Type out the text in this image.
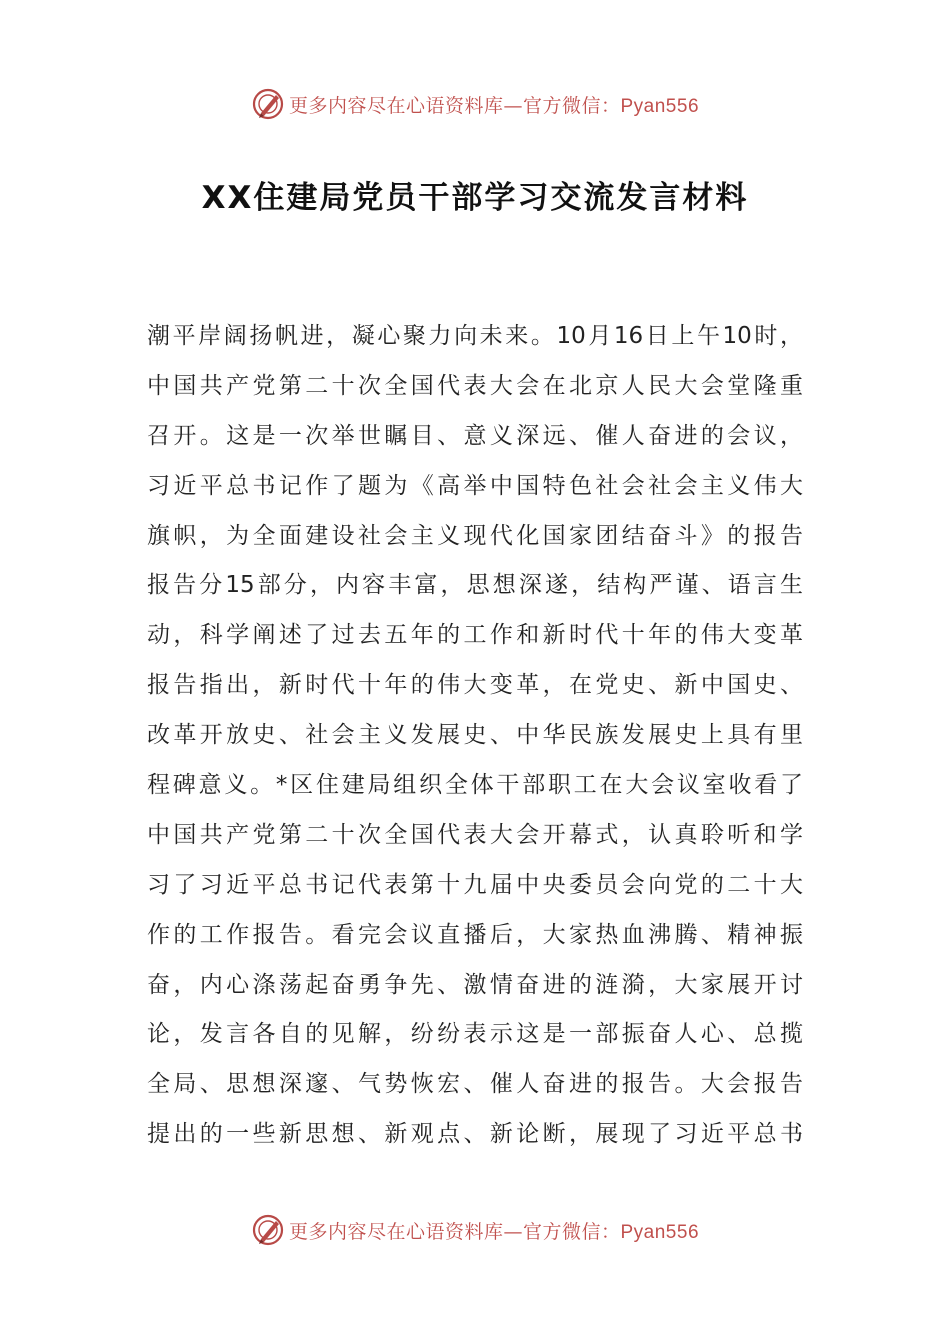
更多内容尽在心语资料库—官方微信：Pyan556
XX住建局党员干部学习交流发言材料
潮平岸阔扬帆进，凝心聚力向未来。10月16日上午10时，
中国共产党第二十次全国代表大会在北京人民大会堂隆重
召开。这是一次举世瞩目、意义深远、催人奋进的会议，
习近平总书记作了题为《高举中国特色社会社会主义伟大
旗帜，为全面建设社会主义现代化国家团结奋斗》的报告
报告分15部分，内容丰富，思想深遂，结构严谨、语言生
动，科学阐述了过去五年的工作和新时代十年的伟大变革
报告指出，新时代十年的伟大变革，在党史、新中国史、
改革开放史、社会主义发展史、中华民族发展史上具有里
程碑意义。*区住建局组织全体干部职工在大会议室收看了
中国共产党第二十次全国代表大会开幕式，认真聆听和学
习了习近平总书记代表第十九届中央委员会向党的二十大
作的工作报告。看完会议直播后，大家热血沸腾、精神振
奋，内心涤荡起奋勇争先、激情奋进的涟漪，大家展开讨
论，发言各自的见解，纷纷表示这是一部振奋人心、总揽
全局、思想深邃、气势恢宏、催人奋进的报告。大会报告
提出的一些新思想、新观点、新论断，展现了习近平总书
更多内容尽在心语资料库—官方微信：Pyan556
